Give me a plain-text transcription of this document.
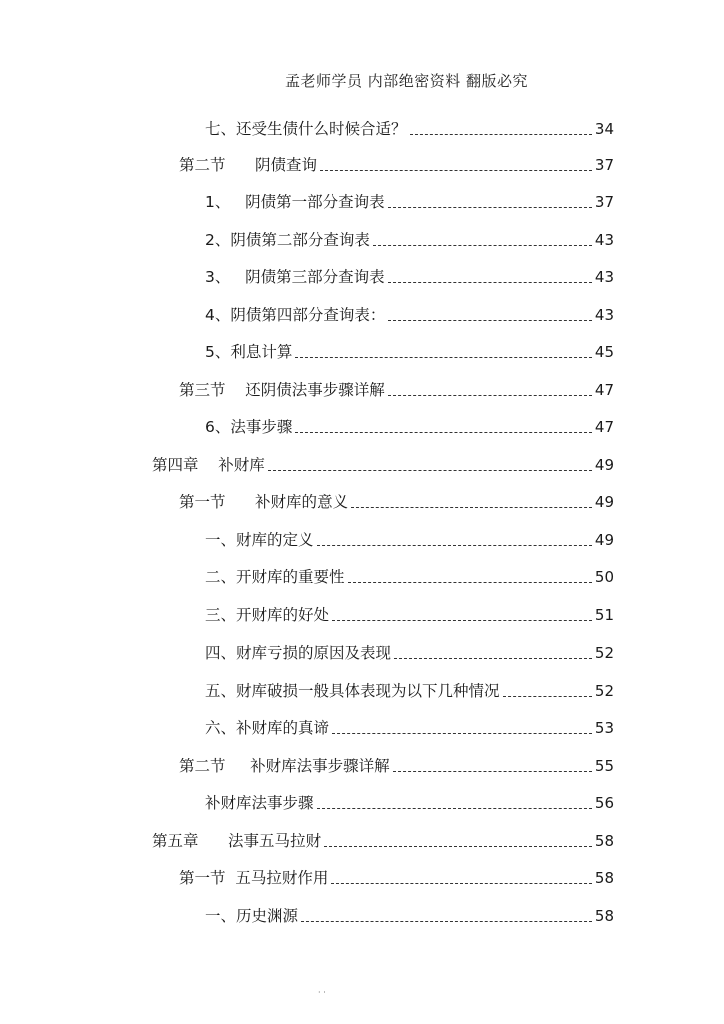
孟老师学员 内部绝密资料 翻版必究
七、还受生债什么时候合适？	34
第二节      阴债查询	37
1、   阴债第一部分查询表	37
2、阴债第二部分查询表	43
3、   阴债第三部分查询表	43
4、阴债第四部分查询表：	43
5、利息计算	45
第三节    还阴债法事步骤详解	47
6、法事步骤	47
第四章    补财库	49
第一节      补财库的意义	49
一、财库的定义	49
二、开财库的重要性	50
三、开财库的好处	51
四、财库亏损的原因及表现	52
五、财库破损一般具体表现为以下几种情况	52
六、补财库的真谛	53
第二节     补财库法事步骤详解	55
补财库法事步骤	56
第五章      法事五马拉财	58
第一节  五马拉财作用	58
一、历史渊源	58
· ·
